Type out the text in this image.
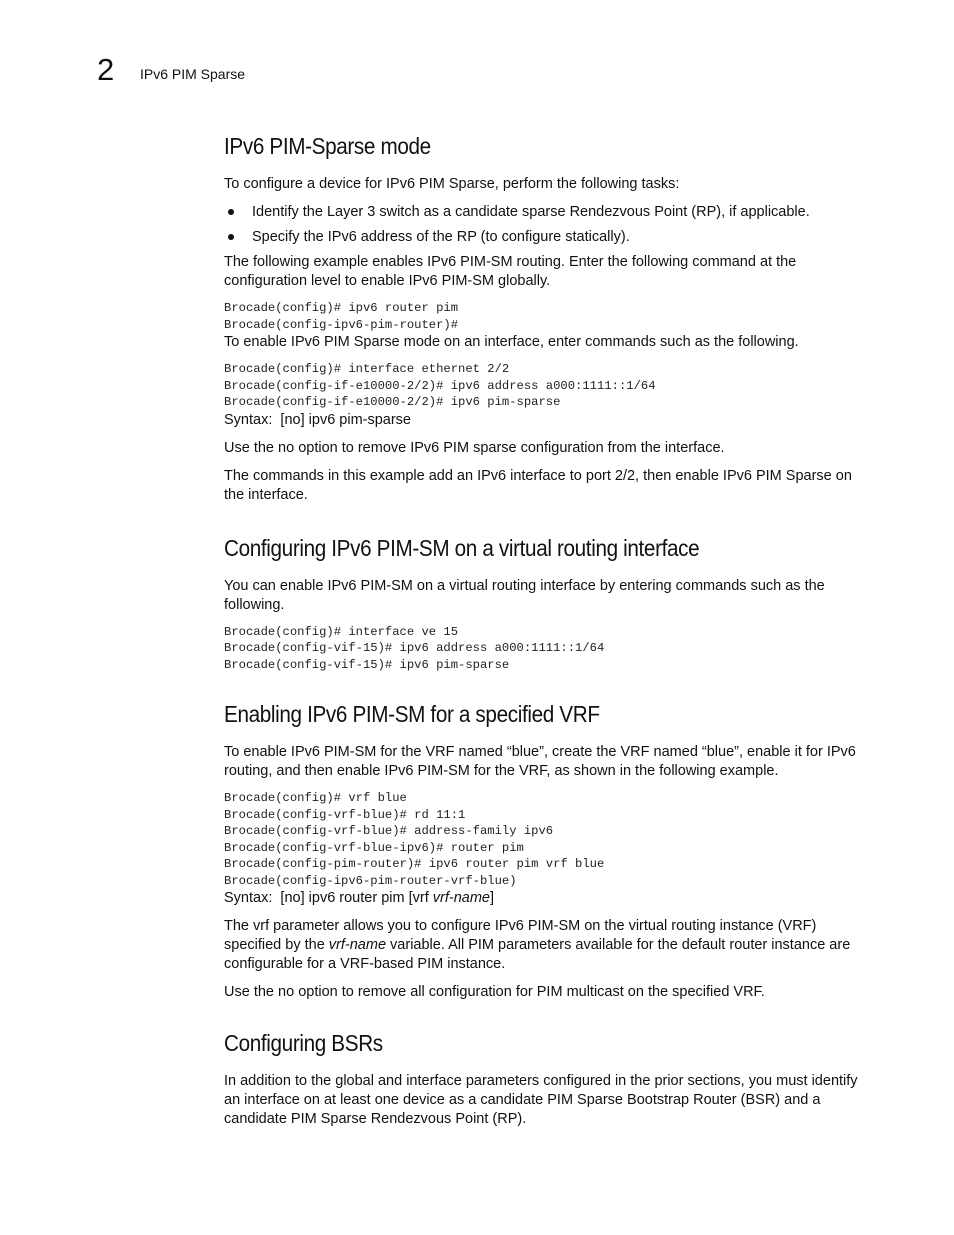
2 IPv6 PIM Sparse
IPv6 PIM-Sparse mode

To configure a device for IPv6 PIM Sparse, perform the following tasks:

Identify the Layer 3 switch as a candidate sparse Rendezvous Point (RP), if applicable.
Specify the IPv6 address of the RP (to configure statically).

The following example enables IPv6 PIM-SM routing. Enter the following command at the configuration level to enable IPv6 PIM-SM globally.

Brocade(config)# ipv6 router pim
Brocade(config-ipv6-pim-router)#

To enable IPv6 PIM Sparse mode on an interface, enter commands such as the following.

Brocade(config)# interface ethernet 2/2
Brocade(config-if-e10000-2/2)# ipv6 address a000:1111::1/64
Brocade(config-if-e10000-2/2)# ipv6 pim-sparse

Syntax: [no] ipv6 pim-sparse

Use the no option to remove IPv6 PIM sparse configuration from the interface.

The commands in this example add an IPv6 interface to port 2/2, then enable IPv6 PIM Sparse on the interface.

Configuring IPv6 PIM-SM on a virtual routing interface

You can enable IPv6 PIM-SM on a virtual routing interface by entering commands such as the following.

Brocade(config)# interface ve 15
Brocade(config-vif-15)# ipv6 address a000:1111::1/64
Brocade(config-vif-15)# ipv6 pim-sparse
Enabling IPv6 PIM-SM for a specified VRF

To enable IPv6 PIM-SM for the VRF named “blue”, create the VRF named “blue”, enable it for IPv6 routing, and then enable IPv6 PIM-SM for the VRF, as shown in the following example.

Brocade(config)# vrf blue
Brocade(config-vrf-blue)# rd 11:1
Brocade(config-vrf-blue)# address-family ipv6
Brocade(config-vrf-blue-ipv6)# router pim
Brocade(config-pim-router)# ipv6 router pim vrf blue
Brocade(config-ipv6-pim-router-vrf-blue)

Syntax: [no] ipv6 router pim [vrf vrf-name]

The vrf parameter allows you to configure IPv6 PIM-SM on the virtual routing instance (VRF) specified by the vrf-name variable. All PIM parameters available for the default router instance are configurable for a VRF-based PIM instance.

Use the no option to remove all configuration for PIM multicast on the specified VRF.

Configuring BSRs

In addition to the global and interface parameters configured in the prior sections, you must identify an interface on at least one device as a candidate PIM Sparse Bootstrap Router (BSR) and a candidate PIM Sparse Rendezvous Point (RP).
